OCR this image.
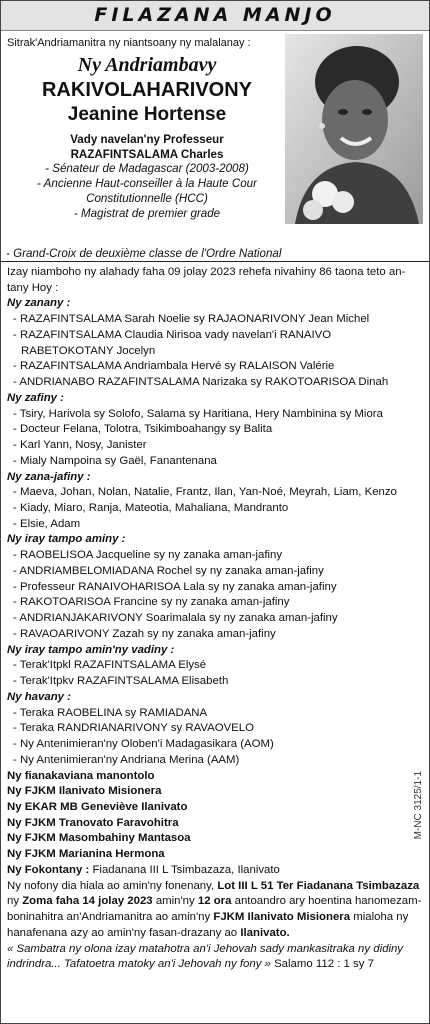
FILAZANA MANJO
Sitrak'Andriamanitra ny niantsoany ny malalanay :
Ny Andriambavy
RAKIVOLAHARIVONY
Jeanine Hortense
Vady navelan'ny Professeur
RAZAFINTSALAMA Charles
- Sénateur de Madagascar (2003-2008)
- Ancienne Haut-conseiller à la Haute Cour
Constitutionnelle (HCC)
- Magistrat de premier grade
- Grand-Croix de deuxième classe de l'Ordre National

Izay niamboho ny alahady faha 09 jolay 2023 rehefa nivahiny 86 taona teto an-tany Hoy :

Ny zanany :

- RAZAFINTSALAMA Sarah Noelie sy RAJAONARIVONY Jean Michel

- RAZAFINTSALAMA Claudia Nirisoa vady navelan'i RANAIVO RABETOKOTANY Jocelyn

- RAZAFINTSALAMA Andriambala Hervé sy RALAISON Valérie

- ANDRIANABO RAZAFINTSALAMA Narizaka sy RAKOTOARISOA Dinah

Ny zafiny :

- Tsiry, Harivola sy Solofo, Salama sy Haritiana, Hery Nambinina sy Miora

- Docteur Felana, Tolotra, Tsikimboahangy sy Balita

- Karl Yann, Nosy, Janister

- Mialy Nampoina sy Gaël, Fanantenana

Ny zana-jafiny :

- Maeva, Johan, Nolan, Natalie, Frantz, Ilan, Yan-Noé, Meyrah, Liam, Kenzo

- Kiady, Miaro, Ranja, Mateotia, Mahaliana, Mandranto

- Elsie, Adam

Ny iray tampo aminy :

- RAOBELISOA Jacqueline sy ny zanaka aman-jafiny

- ANDRIAMBELOMIADANA Rochel sy ny zanaka aman-jafiny

- Professeur RANAIVOHARISOA Lala sy ny zanaka aman-jafiny

- RAKOTOARISOA Francine sy ny zanaka aman-jafiny

- ANDRIANJAKARIVONY Soarimalala sy ny zanaka aman-jafiny

- RAVAOARIVONY Zazah sy ny zanaka aman-jafiny

Ny iray tampo amin'ny vadiny :

- Terak'Itpkl RAZAFINTSALAMA Elysé

- Terak'Itpkv RAZAFINTSALAMA Elisabeth

Ny havany :

- Teraka RAOBELINA sy RAMIADANA

- Teraka RANDRIANARIVONY sy RAVAOVELO

- Ny Antenimieran'ny Oloben'i Madagasikara (AOM)

- Ny Antenimieran'ny Andriana Merina (AAM)

Ny fianakaviana manontolo

Ny FJKM Ilanivato Misionera

Ny EKAR MB Geneviève Ilanivato

Ny FJKM Tranovato Faravohitra

Ny FJKM Masombahiny Mantasoa

Ny FJKM Marianina Hermona

Ny Fokontany : Fiadanana III L Tsimbazaza, Ilanivato

Ny nofony dia hiala ao amin'ny fonenany, Lot III L 51 Ter Fiadanana Tsimbazaza ny Zoma faha 14 jolay 2023 amin'ny 12 ora antoandro ary hoentina hanomezam-boninahitra an'Andriamanitra ao amin'ny FJKM Ilanivato Misionera mialoha ny hanafenana azy ao amin'ny fasan-drazany ao Ilanivato.

« Sambatra ny olona izay matahotra an'i Jehovah sady mankasitraka ny didiny indrindra... Tafatoetra matoky an'i Jehovah ny fony » Salamo 112 : 1 sy 7

M-NC 3125/1-1
